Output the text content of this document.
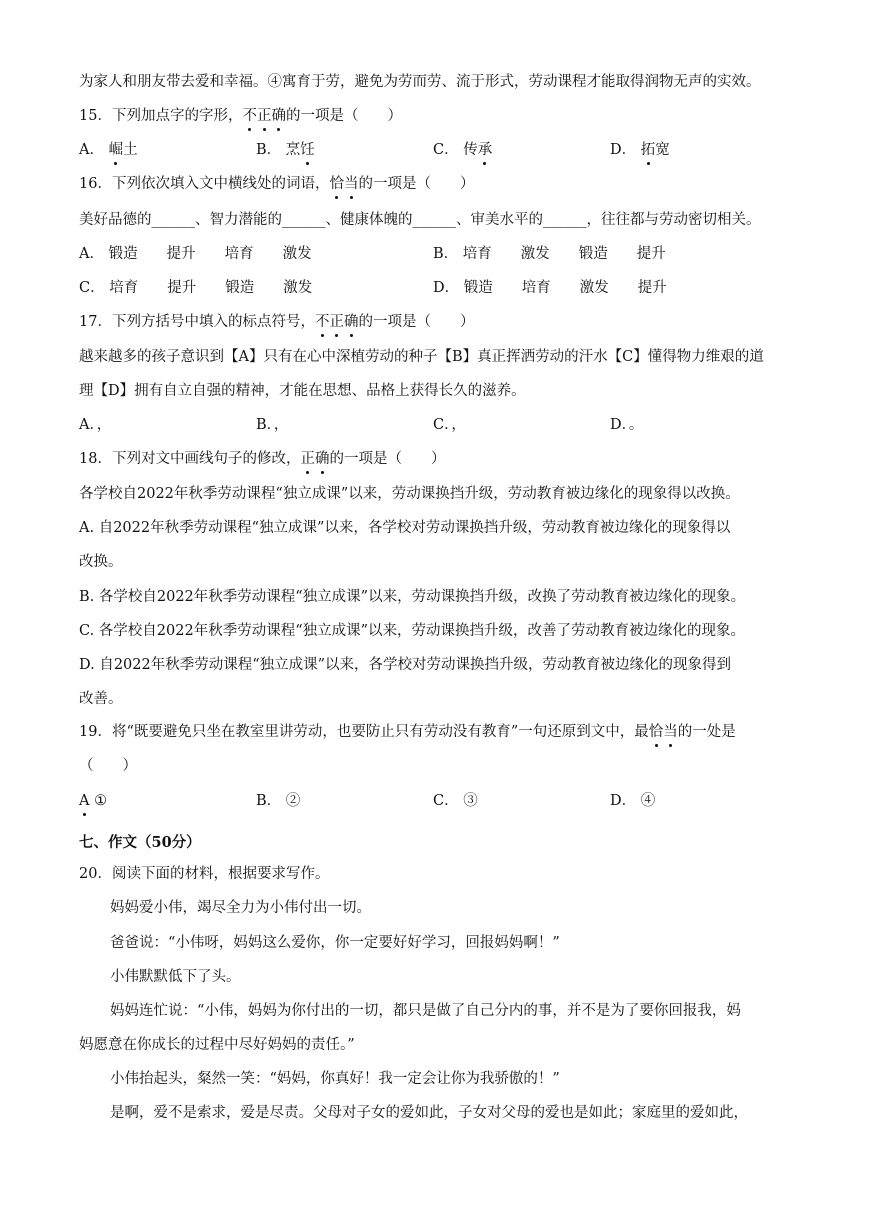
为家人和朋友带去爱和幸福。④寓育于劳，避免为劳而劳、流于形式，劳动课程才能取得润物无声的实效。
15．下列加点字的字形，不正确的一项是（　　）
A． 崛土	B． 烹饪	C． 传承	D． 拓宽
16．下列依次填入文中横线处的词语，恰当的一项是（　　）
美好品德的______、智力潜能的______、健康体魄的______、审美水平的______，往往都与劳动密切相关。
A． 锻造 提升 培育 激发	B． 培育 激发 锻造 提升
C． 培育 提升 锻造 激发	D． 锻造 培育 激发 提升
17．下列方括号中填入的标点符号，不正确的一项是（　　）
越来越多的孩子意识到【A】只有在心中深植劳动的种子【B】真正挥洒劳动的汗水【C】懂得物力维艰的道
理【D】拥有自立自强的精神，才能在思想、品格上获得长久的滋养。
A．，	B．，	C．，	D．。
18．下列对文中画线句子的修改，正确的一项是（　　）
各学校自2022年秋季劳动课程“独立成课”以来，劳动课换挡升级，劳动教育被边缘化的现象得以改换。
A. 自2022年秋季劳动课程“独立成课”以来，各学校对劳动课换挡升级，劳动教育被边缘化的现象得以
改换。
B. 各学校自2022年秋季劳动课程“独立成课”以来，劳动课换挡升级，改换了劳动教育被边缘化的现象。
C. 各学校自2022年秋季劳动课程“独立成课”以来，劳动课换挡升级，改善了劳动教育被边缘化的现象。
D. 自2022年秋季劳动课程“独立成课”以来，各学校对劳动课换挡升级，劳动教育被边缘化的现象得到
改善。
19．将“既要避免只坐在教室里讲劳动，也要防止只有劳动没有教育”一句还原到文中，最恰当的一处是
（　　）
A ①	B． ②	C． ③	D． ④
七、作文（50分）
20．阅读下面的材料，根据要求写作。
妈妈爱小伟，竭尽全力为小伟付出一切。
爸爸说：“小伟呀，妈妈这么爱你，你一定要好好学习，回报妈妈啊！”
小伟默默低下了头。
妈妈连忙说：“小伟，妈妈为你付出的一切，都只是做了自己分内的事，并不是为了要你回报我，妈
妈愿意在你成长的过程中尽好妈妈的责任。”
小伟抬起头，粲然一笑：“妈妈，你真好！我一定会让你为我骄傲的！”
是啊，爱不是索求，爱是尽责。父母对子女的爱如此，子女对父母的爱也是如此；家庭里的爱如此，
